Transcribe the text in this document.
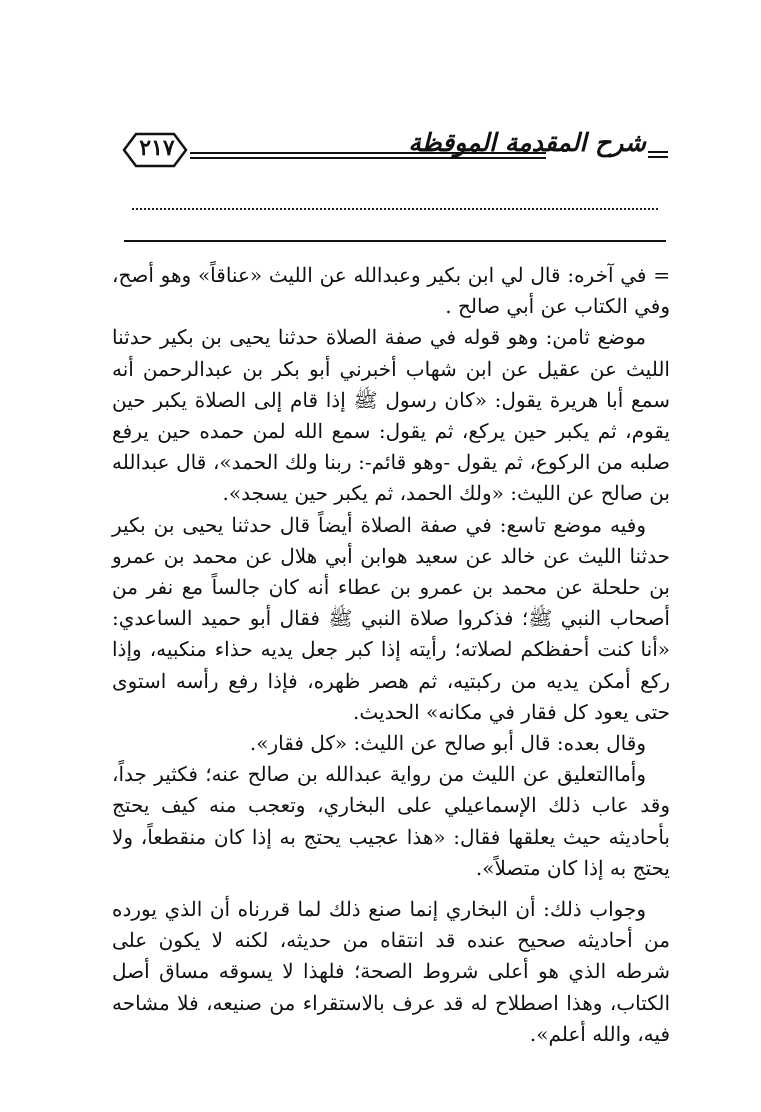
٢١٧	شرح المقدمة الموقظة

= في آخره: قال لي ابن بكير وعبدالله عن الليث «عناقاً» وهو أصح، وفي الكتاب عن أبي صالح .

موضع ثامن: وهو قوله في صفة الصلاة حدثنا يحيى بن بكير حدثنا الليث عن عقيل عن ابن شهاب أخبرني أبو بكر بن عبدالرحمن أنه سمع أبا هريرة يقول: «كان رسول ﷺ إذا قام إلى الصلاة يكبر حين يقوم، ثم يكبر حين يركع، ثم يقول: سمع الله لمن حمده حين يرفع صلبه من الركوع، ثم يقول -وهو قائم-: ربنا ولك الحمد»، قال عبدالله بن صالح عن الليث: «ولك الحمد، ثم يكبر حين يسجد».

وفيه موضع تاسع: في صفة الصلاة أيضاً قال حدثنا يحيى بن بكير حدثنا الليث عن خالد عن سعيد هوابن أبي هلال عن محمد بن عمرو بن حلحلة عن محمد بن عمرو بن عطاء أنه كان جالساً مع نفر من أصحاب النبي ﷺ؛ فذكروا صلاة النبي ﷺ فقال أبو حميد الساعدي: «أنا كنت أحفظكم لصلاته؛ رأيته إذا كبر جعل يديه حذاء منكبيه، وإذا ركع أمكن يديه من ركبتيه، ثم هصر ظهره، فإذا رفع رأسه استوى حتى يعود كل فقار في مكانه» الحديث.

وقال بعده: قال أبو صالح عن الليث: «كل فقار».

وأماالتعليق عن الليث من رواية عبدالله بن صالح عنه؛ فكثير جداً، وقد عاب ذلك الإسماعيلي على البخاري، وتعجب منه كيف يحتج بأحاديثه حيث يعلقها فقال: «هذا عجيب يحتج به إذا كان منقطعاً، ولا يحتج به إذا كان متصلاً».

وجواب ذلك: أن البخاري إنما صنع ذلك لما قررناه أن الذي يورده من أحاديثه صحيح عنده قد انتقاه من حديثه، لكنه لا يكون على شرطه الذي هو أعلى شروط الصحة؛ فلهذا لا يسوقه مساق أصل الكتاب، وهذا اصطلاح له قد عرف بالاستقراء من صنيعه، فلا مشاحه فيه، والله أعلم».
